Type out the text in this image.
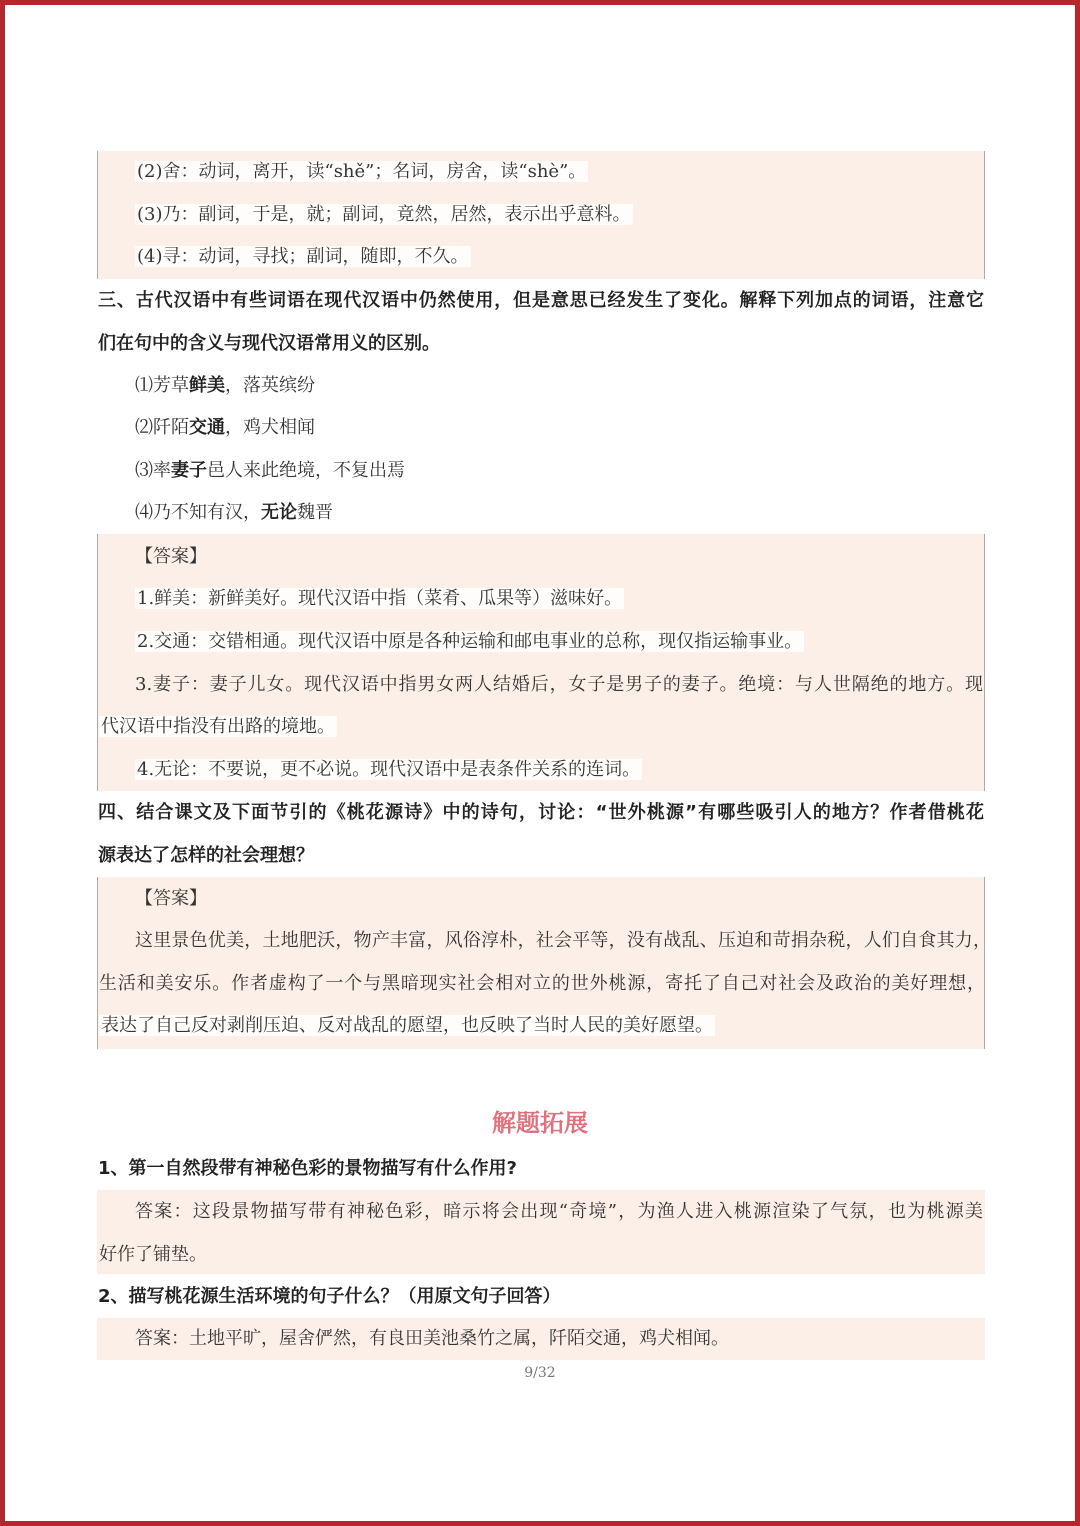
(2)舍：动词，离开，读“shě”；名词，房舍，读“shè”。
(3)乃：副词，于是，就；副词，竟然，居然，表示出乎意料。
(4)寻：动词，寻找；副词，随即，不久。
三、古代汉语中有些词语在现代汉语中仍然使用，但是意思已经发生了变化。解释下列加点的词语，注意它
们在句中的含义与现代汉语常用义的区别。
⑴芳草鲜美，落英缤纷
⑵阡陌交通，鸡犬相闻
⑶率妻子邑人来此绝境，不复出焉
⑷乃不知有汉，无论魏晋
【答案】
1.鲜美：新鲜美好。现代汉语中指（菜肴、瓜果等）滋味好。
2.交通：交错相通。现代汉语中原是各种运输和邮电事业的总称，现仅指运输事业。
3.妻子：妻子儿女。现代汉语中指男女两人结婚后，女子是男子的妻子。绝境：与人世隔绝的地方。现
代汉语中指没有出路的境地。
4.无论：不要说，更不必说。现代汉语中是表条件关系的连词。
四、结合课文及下面节引的《桃花源诗》中的诗句，讨论：“世外桃源”有哪些吸引人的地方？作者借桃花
源表达了怎样的社会理想？
【答案】
这里景色优美，土地肥沃，物产丰富，风俗淳朴，社会平等，没有战乱、压迫和苛捐杂税，人们自食其力，
生活和美安乐。作者虚构了一个与黑暗现实社会相对立的世外桃源，寄托了自己对社会及政治的美好理想，
表达了自己反对剥削压迫、反对战乱的愿望，也反映了当时人民的美好愿望。
解题拓展
1、第一自然段带有神秘色彩的景物描写有什么作用?
答案：这段景物描写带有神秘色彩，暗示将会出现“奇境”，为渔人进入桃源渲染了气氛，也为桃源美
好作了铺垫。
2、描写桃花源生活环境的句子什么？（用原文句子回答）
答案：土地平旷，屋舍俨然，有良田美池桑竹之属，阡陌交通，鸡犬相闻。
9/32
